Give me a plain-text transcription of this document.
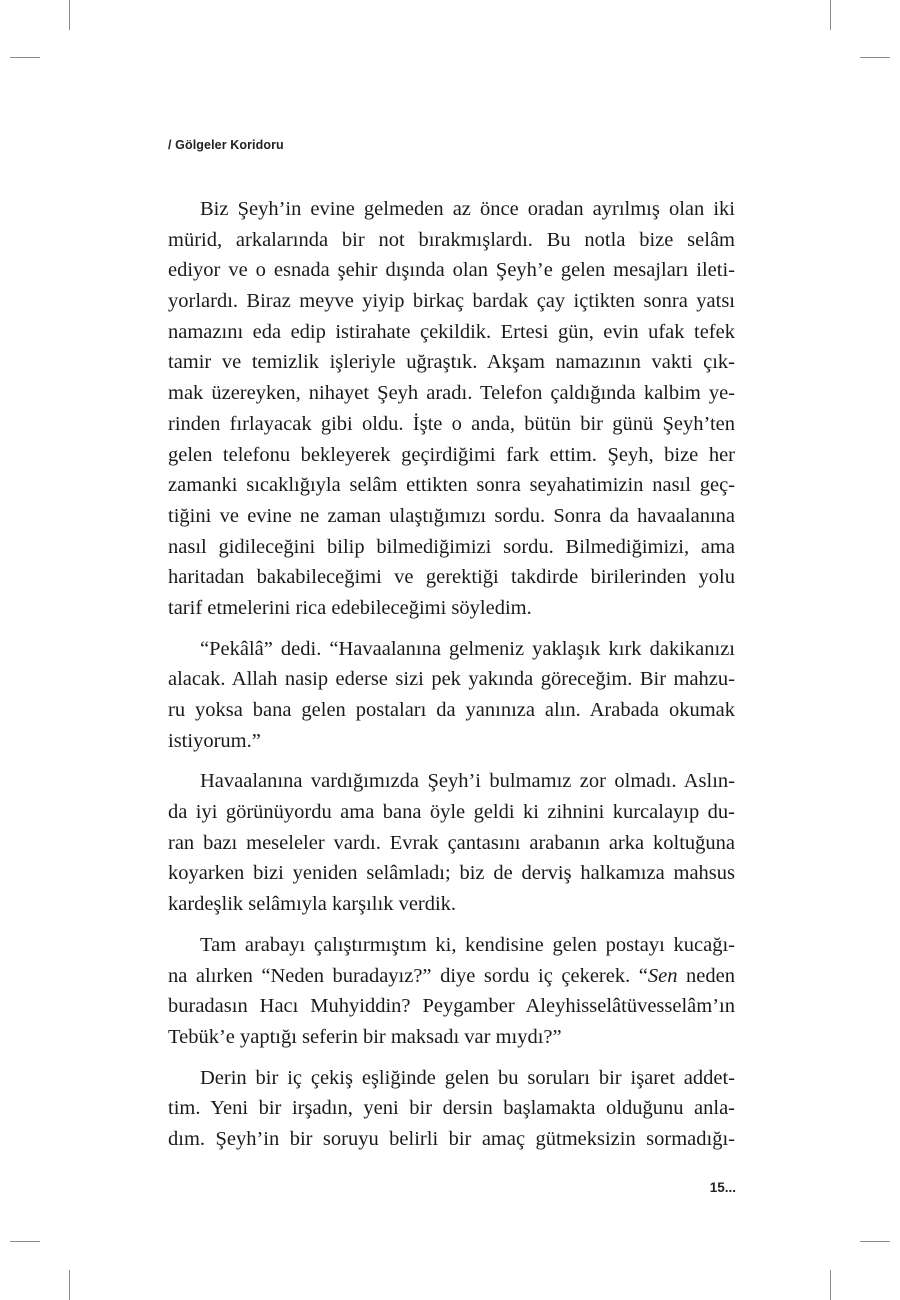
/ Gölgeler Koridoru
Biz Şeyh’in evine gelmeden az önce oradan ayrılmış olan iki
mürid, arkalarında bir not bırakmışlardı. Bu notla bize selâm
ediyor ve o esnada şehir dışında olan Şeyh’e gelen mesajları ileti-
yorlardı. Biraz meyve yiyip birkaç bardak çay içtikten sonra yatsı
namazını eda edip istirahate çekildik. Ertesi gün, evin ufak tefek
tamir ve temizlik işleriyle uğraştık. Akşam namazının vakti çık-
mak üzereyken, nihayet Şeyh aradı. Telefon çaldığında kalbim ye-
rinden fırlayacak gibi oldu. İşte o anda, bütün bir günü Şeyh’ten
gelen telefonu bekleyerek geçirdiğimi fark ettim. Şeyh, bize her
zamanki sıcaklığıyla selâm ettikten sonra seyahatimizin nasıl geç-
tiğini ve evine ne zaman ulaştığımızı sordu. Sonra da havaalanına
nasıl gidileceğini bilip bilmediğimizi sordu. Bilmediğimizi, ama
haritadan bakabileceğimi ve gerektiği takdirde birilerinden yolu
tarif etmelerini rica edebileceğimi söyledim.
“Pekâlâ” dedi. “Havaalanına gelmeniz yaklaşık kırk dakikanızı
alacak. Allah nasip ederse sizi pek yakında göreceğim. Bir mahzu-
ru yoksa bana gelen postaları da yanınıza alın. Arabada okumak
istiyorum.”
Havaalanına vardığımızda Şeyh’i bulmamız zor olmadı. Aslın-
da iyi görünüyordu ama bana öyle geldi ki zihnini kurcalayıp du-
ran bazı meseleler vardı. Evrak çantasını arabanın arka koltuğuna
koyarken bizi yeniden selâmladı; biz de derviş halkamıza mahsus
kardeşlik selâmıyla karşılık verdik.
Tam arabayı çalıştırmıştım ki, kendisine gelen postayı kucağı-
na alırken “Neden buradayız?” diye sordu iç çekerek. “Sen neden
buradasın Hacı Muhyiddin? Peygamber Aleyhisselâtüvesselâm’ın
Tebük’e yaptığı seferin bir maksadı var mıydı?”
Derin bir iç çekiş eşliğinde gelen bu soruları bir işaret addet-
tim. Yeni bir irşadın, yeni bir dersin başlamakta olduğunu anla-
dım. Şeyh’in bir soruyu belirli bir amaç gütmeksizin sormadığı-
15...
